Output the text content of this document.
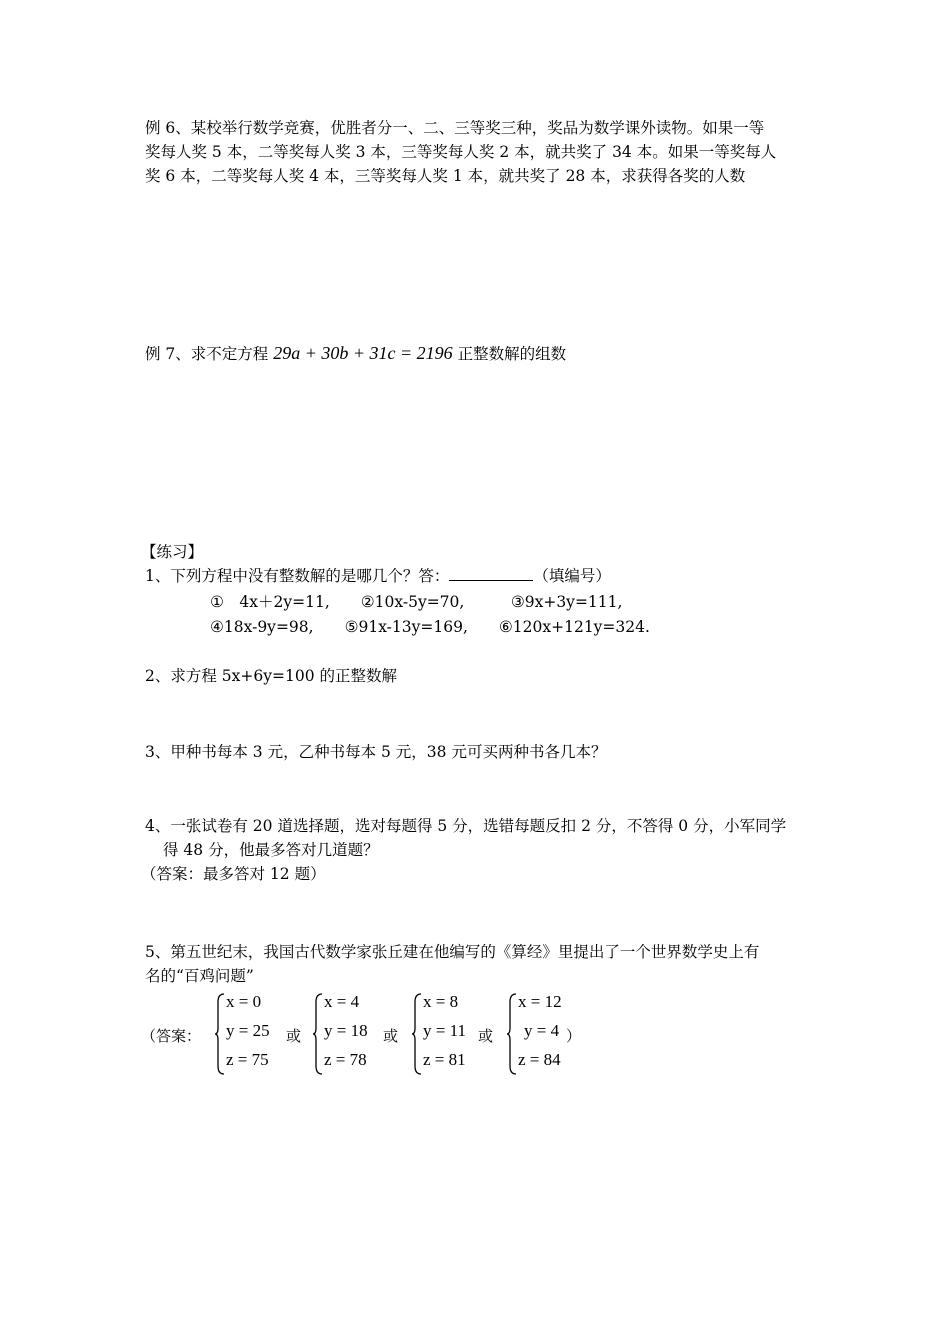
例 6、某校举行数学竞赛，优胜者分一、二、三等奖三种，奖品为数学课外读物。如果一等
奖每人奖 5 本，二等奖每人奖 3 本，三等奖每人奖 2 本，就共奖了 34 本。如果一等奖每人
奖 6 本，二等奖每人奖 4 本，三等奖每人奖 1 本，就共奖了 28 本，求获得各奖的人数
例 7、求不定方程 29a + 30b + 31c = 2196 正整数解的组数
【练习】
1、下列方程中没有整数解的是哪几个？答：	（填编号）
①　4x＋2y=11,　　②10x-5y=70,　　　③9x+3y=111,
④18x-9y=98,　　⑤91x-13y=169,　　⑥120x+121y=324.
2、求方程 5x+6y=100 的正整数解
3、甲种书每本 3 元，乙种书每本 5 元，38 元可买两种书各几本？
4、一张试卷有 20 道选择题，选对每题得 5 分，选错每题反扣 2 分，不答得 0 分，小军同学
得 48 分，他最多答对几道题？
（答案：最多答对 12 题）
5、第五世纪末，我国古代数学家张丘建在他编写的《算经》里提出了一个世界数学史上有
名的“百鸡问题”
（答案：
x = 0
y = 25
z = 75
或
x = 4
y = 18
z = 78
或
x = 8
y = 11
z = 81
或
x = 12
y = 4
z = 84
）
